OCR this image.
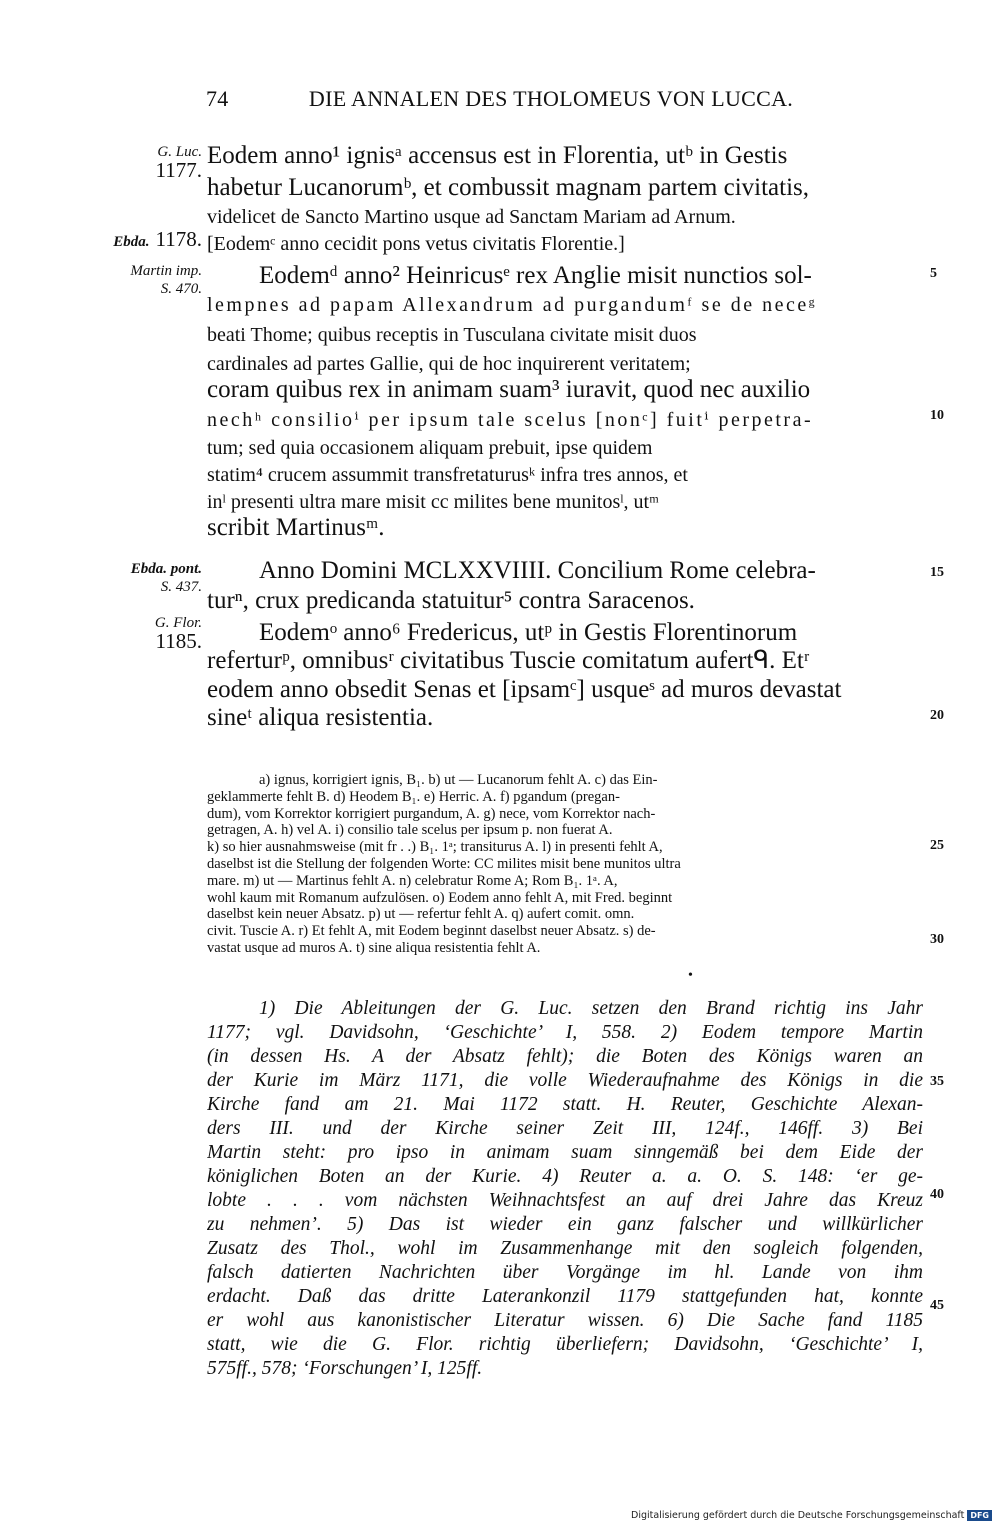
74	DIE ANNALEN DES THOLOMEUS VON LUCCA.
G. Luc.
1177.
Ebda. 1178.
Martin imp.
S. 470.
Ebda. pont.
S. 437.
G. Flor.
1185.
Eodem anno¹ ignisᵃ accensus est in Florentia, utᵇ in Gestis
habetur Lucanorumᵇ, et combussit magnam partem civitatis,
videlicet de Sancto Martino usque ad Sanctam Mariam ad Arnum.
[Eodemᶜ anno cecidit pons vetus civitatis Florentie.]
Eodemᵈ anno² Heinricusᵉ rex Anglie misit nunctios sol-
lempnes ad papam Allexandrum ad purgandumᶠ se de neceᵍ
beati Thome; quibus receptis in Tusculana civitate misit duos
cardinales ad partes Gallie, qui de hoc inquirerent veritatem;
coram quibus rex in animam suam³ iuravit, quod nec auxilio
nechʰ consilioⁱ per ipsum tale scelus [nonᶜ] fuitⁱ perpetra-
tum; sed quia occasionem aliquam prebuit, ipse quidem
statim⁴ crucem assummit transfretaturusᵏ infra tres annos, et
inˡ presenti ultra mare misit cc milites bene munitosˡ, utᵐ
scribit Martinusᵐ.
Anno Domini MCLXXVIIII. Concilium Rome celebra-
turⁿ, crux predicanda statuitur⁵ contra Saracenos.
Eodemᵒ anno⁶ Fredericus, utᵖ in Gestis Florentinorum
referturᵖ, omnibusʳ civitatibus Tuscie comitatum aufertᑫ. Etʳ
eodem anno obsedit Senas et [ipsamᶜ] usqueˢ ad muros devastat
sineᵗ aliqua resistentia.
5
10
15
20
25
30
35
40
45
a) ignus, korrigiert ignis, B₁. b) ut — Lucanorum fehlt A. c) das Ein-
geklammerte fehlt B. d) Heodem B₁. e) Herric. A. f) pgandum (pregan-
dum), vom Korrektor korrigiert purgandum, A. g) nece, vom Korrektor nach-
getragen, A. h) vel A. i) consilio tale scelus per ipsum p. non fuerat A.
k) so hier ausnahmsweise (mit fr . .) B₁. 1ᵃ; transiturus A. l) in presenti fehlt A,
daselbst ist die Stellung der folgenden Worte: CC milites misit bene munitos ultra
mare. m) ut — Martinus fehlt A. n) celebratur Rome A; Rom B₁. 1ᵃ. A,
wohl kaum mit Romanum aufzulösen. o) Eodem anno fehlt A, mit Fred. beginnt
daselbst kein neuer Absatz. p) ut — refertur fehlt A. q) aufert comit. omn.
civit. Tuscie A. r) Et fehlt A, mit Eodem beginnt daselbst neuer Absatz. s) de-
vastat usque ad muros A. t) sine aliqua resistentia fehlt A.
•
1) Die Ableitungen der G. Luc. setzen den Brand richtig ins Jahr
1177; vgl. Davidsohn, ‘Geschichte’ I, 558. 2) Eodem tempore Martin
(in dessen Hs. A der Absatz fehlt); die Boten des Königs waren an
der Kurie im März 1171, die volle Wiederaufnahme des Königs in die
Kirche fand am 21. Mai 1172 statt. H. Reuter, Geschichte Alexan-
ders III. und der Kirche seiner Zeit III, 124f., 146ff. 3) Bei
Martin steht: pro ipso in animam suam sinngemäß bei dem Eide der
königlichen Boten an der Kurie. 4) Reuter a. a. O. S. 148: ‘er ge-
lobte . . . vom nächsten Weihnachtsfest an auf drei Jahre das Kreuz
zu nehmen’. 5) Das ist wieder ein ganz falscher und willkürlicher
Zusatz des Thol., wohl im Zusammenhange mit den sogleich folgenden,
falsch datierten Nachrichten über Vorgänge im hl. Lande von ihm
erdacht. Daß das dritte Laterankonzil 1179 stattgefunden hat, konnte
er wohl aus kanonistischer Literatur wissen. 6) Die Sache fand 1185
statt, wie die G. Flor. richtig überliefern; Davidsohn, ‘Geschichte’ I,
575ff., 578; ‘Forschungen’ I, 125ff.
Digitalisierung gefördert durch die Deutsche Forschungsgemeinschaft DFG
